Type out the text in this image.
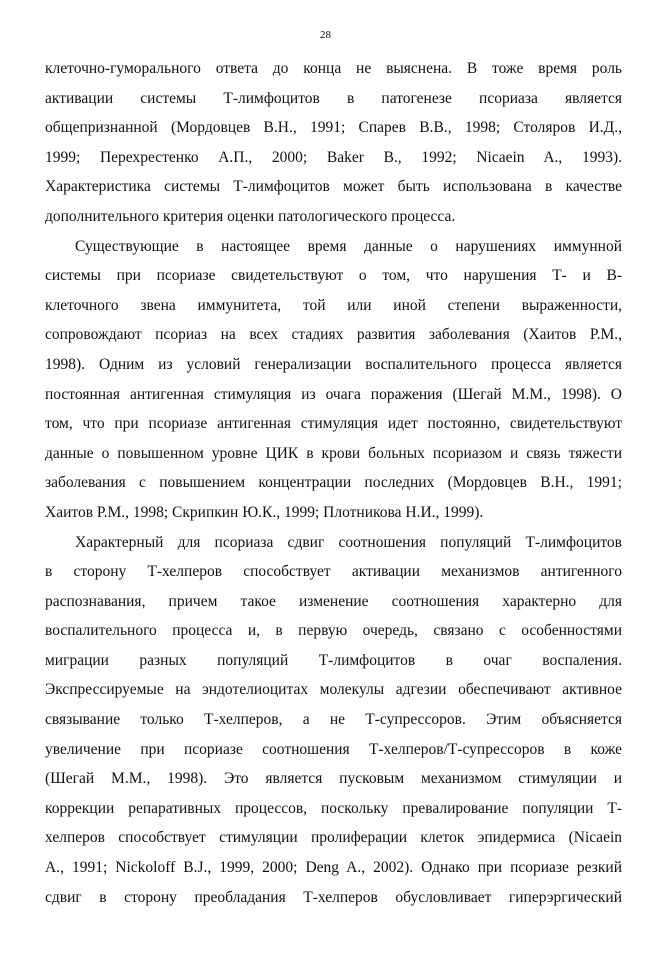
28
клеточно-гуморального ответа до конца не выяснена. В тоже время роль
активации системы Т-лимфоцитов в патогенезе псориаза является
общепризнанной (Мордовцев В.Н., 1991; Спарев В.В., 1998; Столяров И.Д.,
1999; Перехрестенко А.П., 2000; Baker B., 1992; Nicaein A., 1993).
Характеристика системы Т-лимфоцитов может быть использована в качестве
дополнительного критерия оценки патологического процесса.
Существующие в настоящее время данные о нарушениях иммунной
системы при псориазе свидетельствуют о том, что нарушения Т- и В-
клеточного звена иммунитета, той или иной степени выраженности,
сопровождают псориаз на всех стадиях развития заболевания (Хаитов Р.М.,
1998). Одним из условий генерализации воспалительного процесса является
постоянная антигенная стимуляция из очага поражения (Шегай М.М., 1998). О
том, что при псориазе антигенная стимуляция идет постоянно, свидетельствуют
данные о повышенном уровне ЦИК в крови больных псориазом и связь тяжести
заболевания с повышением концентрации последних (Мордовцев В.Н., 1991;
Хаитов Р.М., 1998; Скрипкин Ю.К., 1999; Плотникова Н.И., 1999).
Характерный для псориаза сдвиг соотношения популяций Т-лимфоцитов
в сторону Т-хелперов способствует активации механизмов антигенного
распознавания, причем такое изменение соотношения характерно для
воспалительного процесса и, в первую очередь, связано с особенностями
миграции разных популяций Т-лимфоцитов в очаг воспаления.
Экспрессируемые на эндотелиоцитах молекулы адгезии обеспечивают активное
связывание только Т-хелперов, а не Т-супрессоров. Этим объясняется
увеличение при псориазе соотношения Т-хелперов/Т-супрессоров в коже
(Шегай М.М., 1998). Это является пусковым механизмом стимуляции и
коррекции репаративных процессов, поскольку превалирование популяции Т-
хелперов способствует стимуляции пролиферации клеток эпидермиса (Nicaein
A., 1991; Nickoloff B.J., 1999, 2000; Deng A., 2002). Однако при псориазе резкий
сдвиг в сторону преобладания Т-хелперов обусловливает гиперэргический
